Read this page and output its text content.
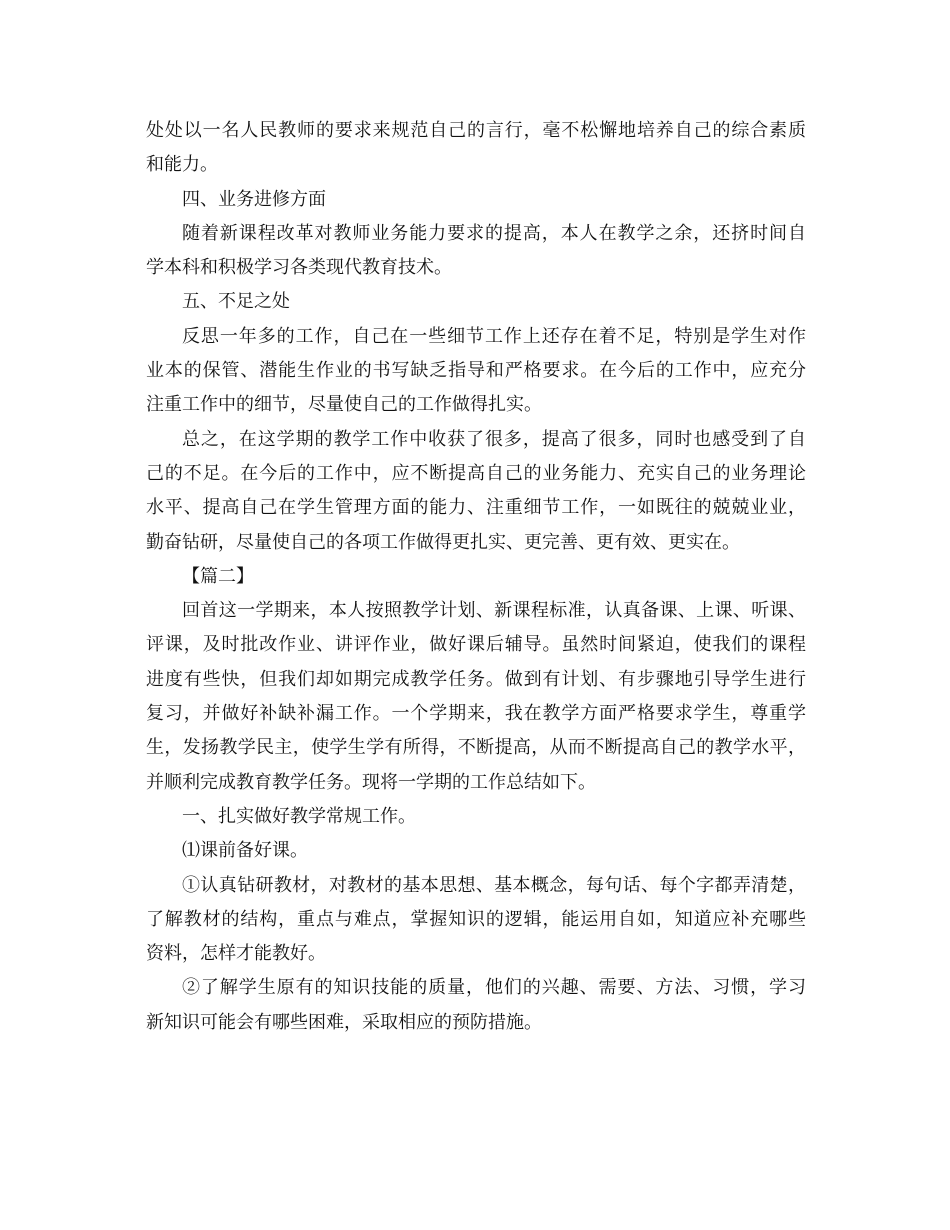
处处以一名人民教师的要求来规范自己的言行，毫不松懈地培养自己的综合素质
和能力。
四、业务进修方面
随着新课程改革对教师业务能力要求的提高，本人在教学之余，还挤时间自
学本科和积极学习各类现代教育技术。
五、不足之处
反思一年多的工作，自己在一些细节工作上还存在着不足，特别是学生对作
业本的保管、潜能生作业的书写缺乏指导和严格要求。在今后的工作中，应充分
注重工作中的细节，尽量使自己的工作做得扎实。
总之，在这学期的教学工作中收获了很多，提高了很多，同时也感受到了自
己的不足。在今后的工作中，应不断提高自己的业务能力、充实自己的业务理论
水平、提高自己在学生管理方面的能力、注重细节工作，一如既往的兢兢业业，
勤奋钻研，尽量使自己的各项工作做得更扎实、更完善、更有效、更实在。
【篇二】
回首这一学期来，本人按照教学计划、新课程标准，认真备课、上课、听课、
评课，及时批改作业、讲评作业，做好课后辅导。虽然时间紧迫，使我们的课程
进度有些快，但我们却如期完成教学任务。做到有计划、有步骤地引导学生进行
复习，并做好补缺补漏工作。一个学期来，我在教学方面严格要求学生，尊重学
生，发扬教学民主，使学生学有所得，不断提高，从而不断提高自己的教学水平，
并顺利完成教育教学任务。现将一学期的工作总结如下。
一、扎实做好教学常规工作。
⑴课前备好课。
①认真钻研教材，对教材的基本思想、基本概念，每句话、每个字都弄清楚，
了解教材的结构，重点与难点，掌握知识的逻辑，能运用自如，知道应补充哪些
资料，怎样才能教好。
②了解学生原有的知识技能的质量，他们的兴趣、需要、方法、习惯，学习
新知识可能会有哪些困难，采取相应的预防措施。
